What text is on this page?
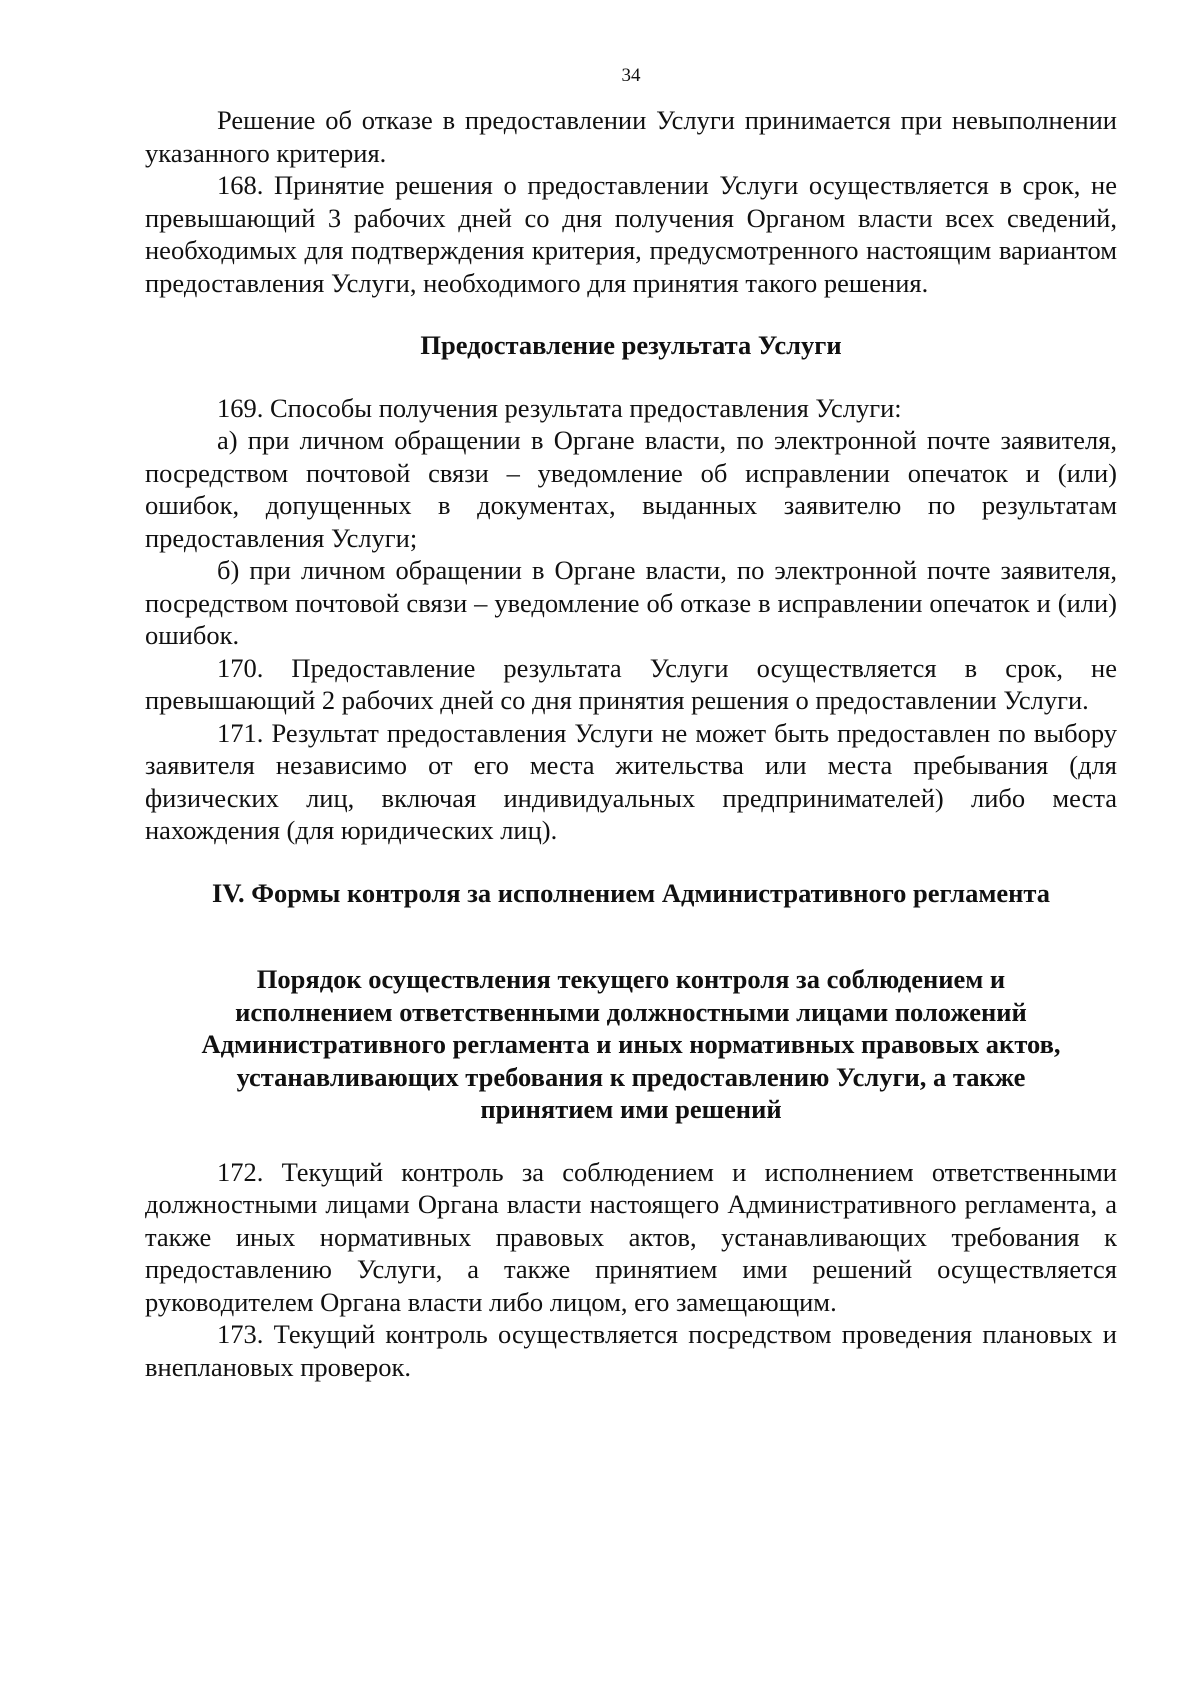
34

Решение об отказе в предоставлении Услуги принимается при невыполнении указанного критерия.

168. Принятие решения о предоставлении Услуги осуществляется в срок, не превышающий 3 рабочих дней со дня получения Органом власти всех сведений, необходимых для подтверждения критерия, предусмотренного настоящим вариантом предоставления Услуги, необходимого для принятия такого решения.

Предоставление результата Услуги

169. Способы получения результата предоставления Услуги:

а) при личном обращении в Органе власти, по электронной почте заявителя, посредством почтовой связи – уведомление об исправлении опечаток и (или) ошибок, допущенных в документах, выданных заявителю по результатам предоставления Услуги;

б) при личном обращении в Органе власти, по электронной почте заявителя, посредством почтовой связи – уведомление об отказе в исправлении опечаток и (или) ошибок.

170. Предоставление результата Услуги осуществляется в срок, не превышающий 2 рабочих дней со дня принятия решения о предоставлении Услуги.

171. Результат предоставления Услуги не может быть предоставлен по выбору заявителя независимо от его места жительства или места пребывания (для физических лиц, включая индивидуальных предпринимателей) либо места нахождения (для юридических лиц).

IV. Формы контроля за исполнением Административного регламента
Порядок осуществления текущего контроля за соблюдением и
исполнением ответственными должностными лицами положений
Административного регламента и иных нормативных правовых актов,
устанавливающих требования к предоставлению Услуги, а также
принятием ими решений

172. Текущий контроль за соблюдением и исполнением ответственными должностными лицами Органа власти настоящего Административного регламента, а также иных нормативных правовых актов, устанавливающих требования к предоставлению Услуги, а также принятием ими решений осуществляется руководителем Органа власти либо лицом, его замещающим.

173. Текущий контроль осуществляется посредством проведения плановых и внеплановых проверок.
